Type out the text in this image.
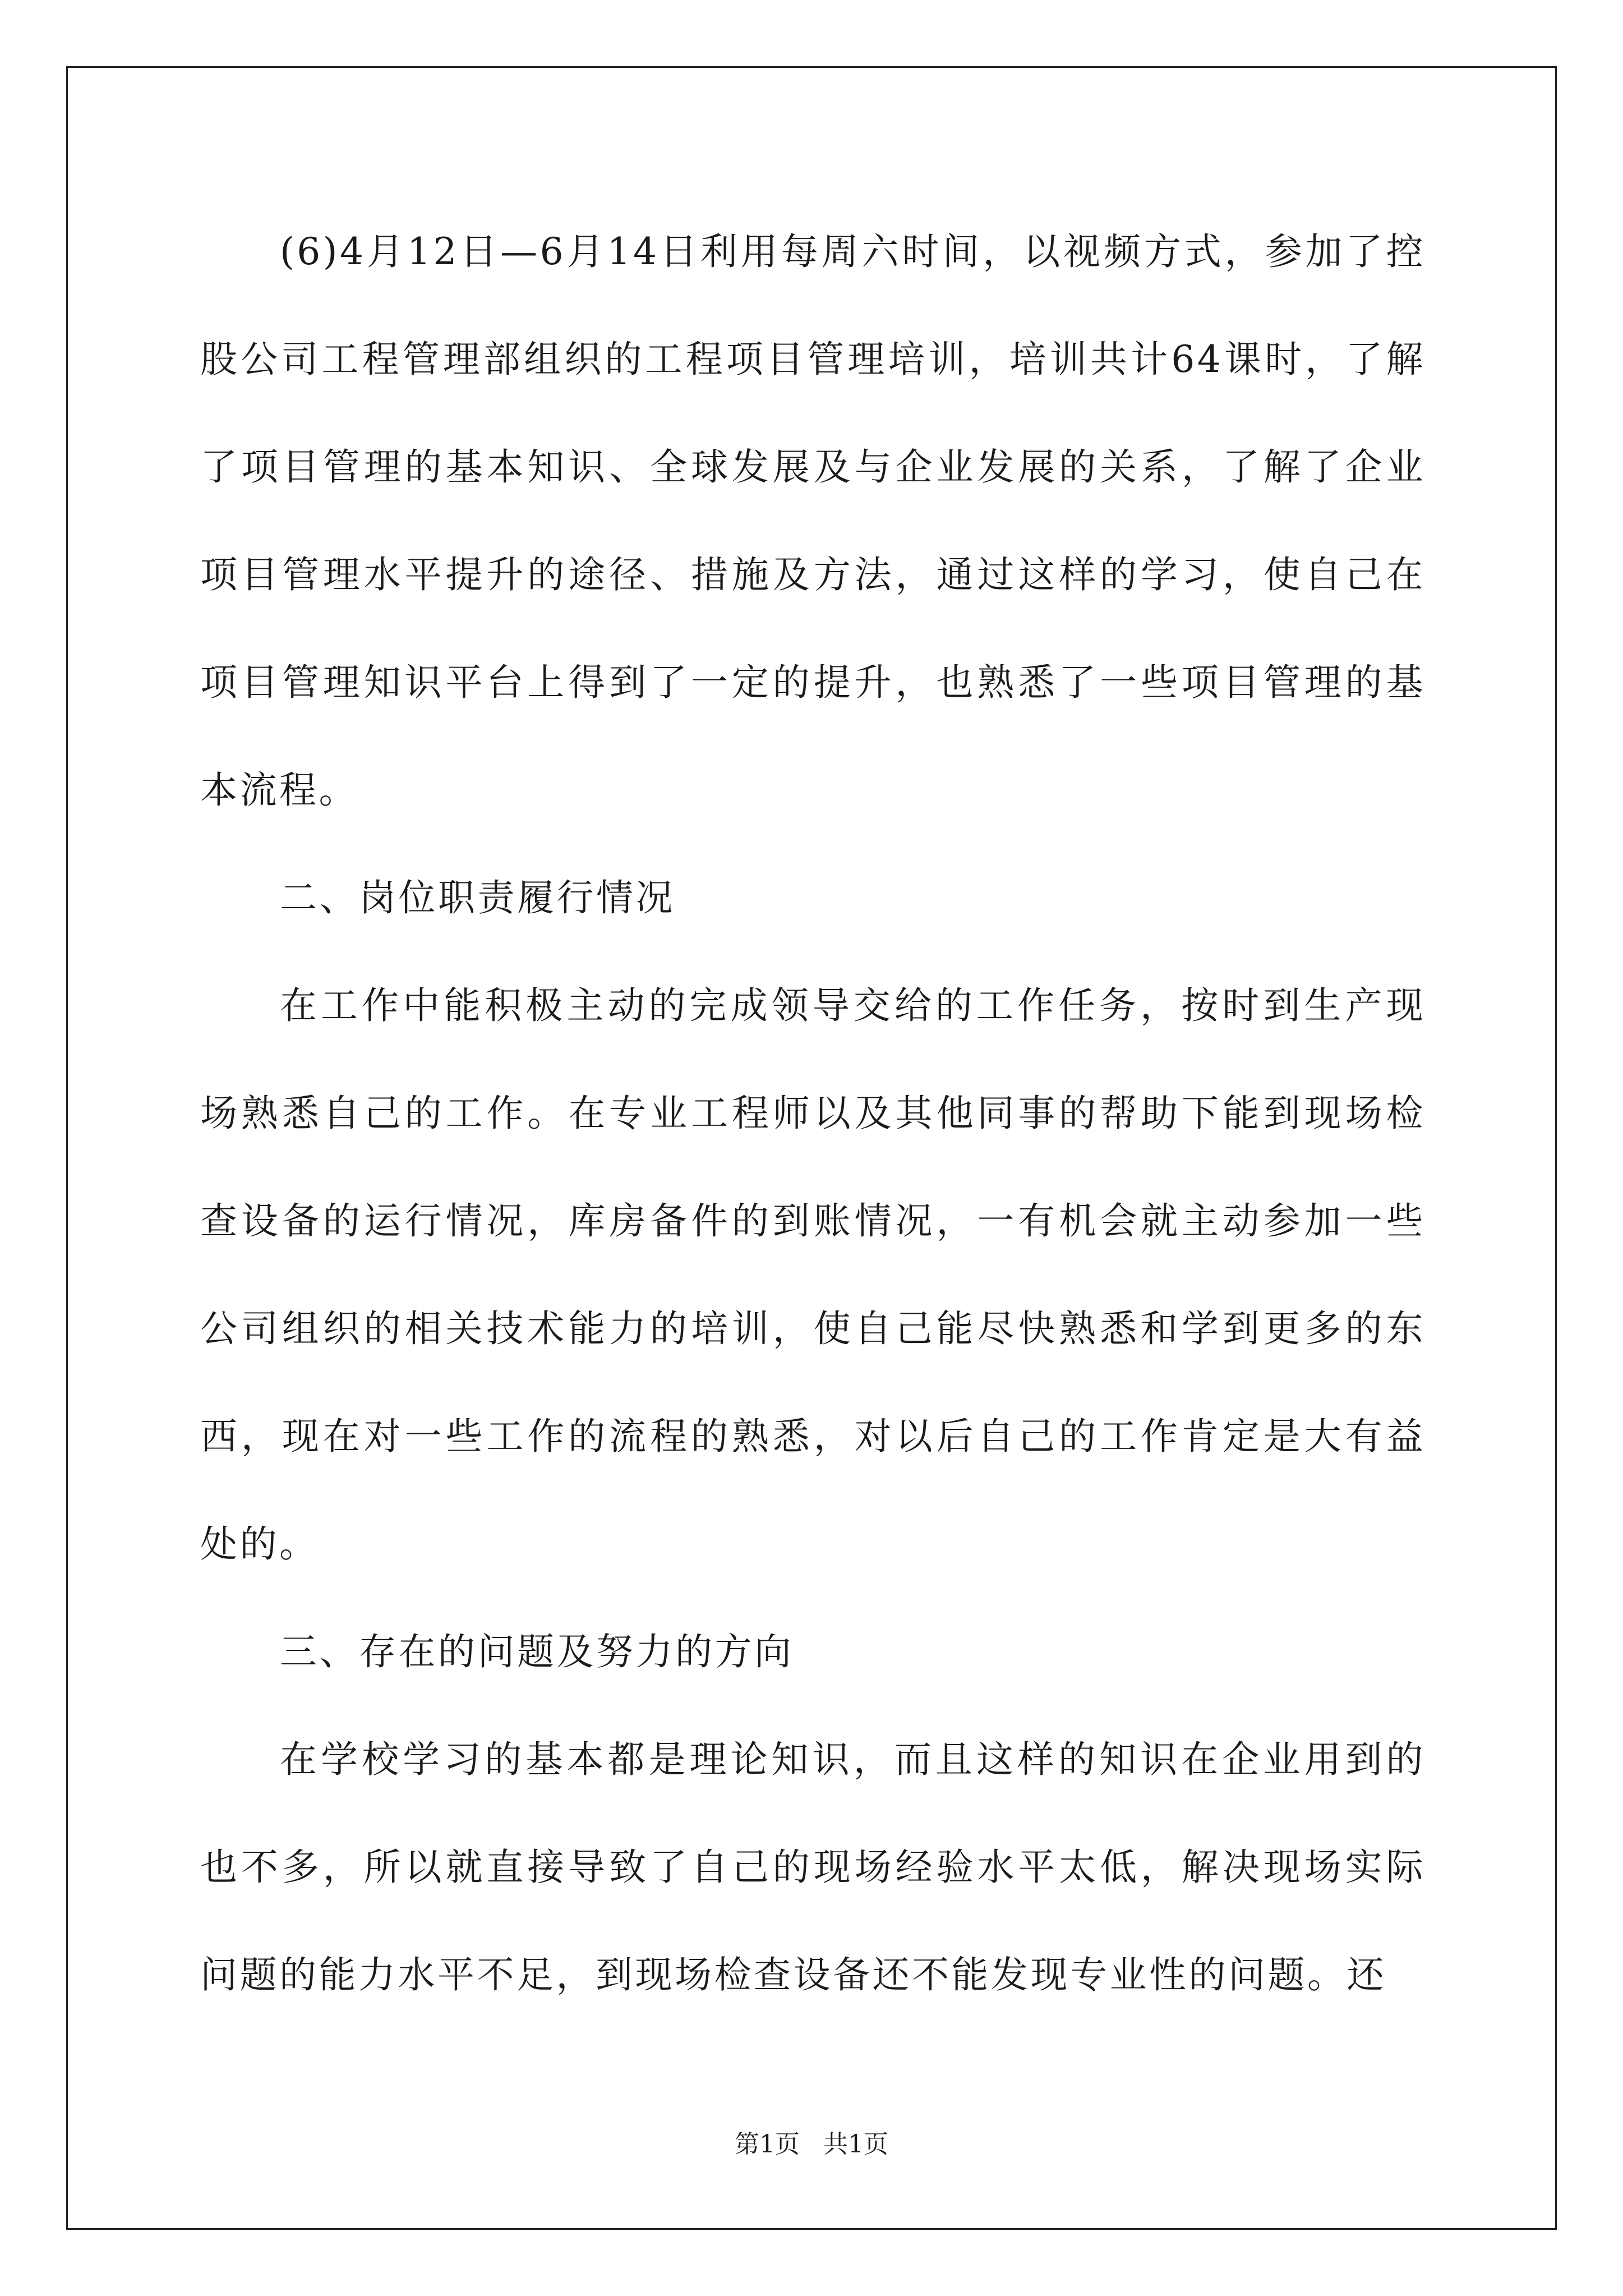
(6)4月12日—6月14日利用每周六时间，以视频方式，参加了控股公司工程管理部组织的工程项目管理培训，培训共计64课时，了解了项目管理的基本知识、全球发展及与企业发展的关系，了解了企业项目管理水平提升的途径、措施及方法，通过这样的学习，使自己在项目管理知识平台上得到了一定的提升，也熟悉了一些项目管理的基本流程。

二、岗位职责履行情况

在工作中能积极主动的完成领导交给的工作任务，按时到生产现场熟悉自己的工作。在专业工程师以及其他同事的帮助下能到现场检查设备的运行情况，库房备件的到账情况，一有机会就主动参加一些公司组织的相关技术能力的培训，使自己能尽快熟悉和学到更多的东西，现在对一些工作的流程的熟悉，对以后自己的工作肯定是大有益处的。

三、存在的问题及努力的方向

在学校学习的基本都是理论知识，而且这样的知识在企业用到的也不多，所以就直接导致了自己的现场经验水平太低，解决现场实际问题的能力水平不足，到现场检查设备还不能发现专业性的问题。还

第1页 共1页
